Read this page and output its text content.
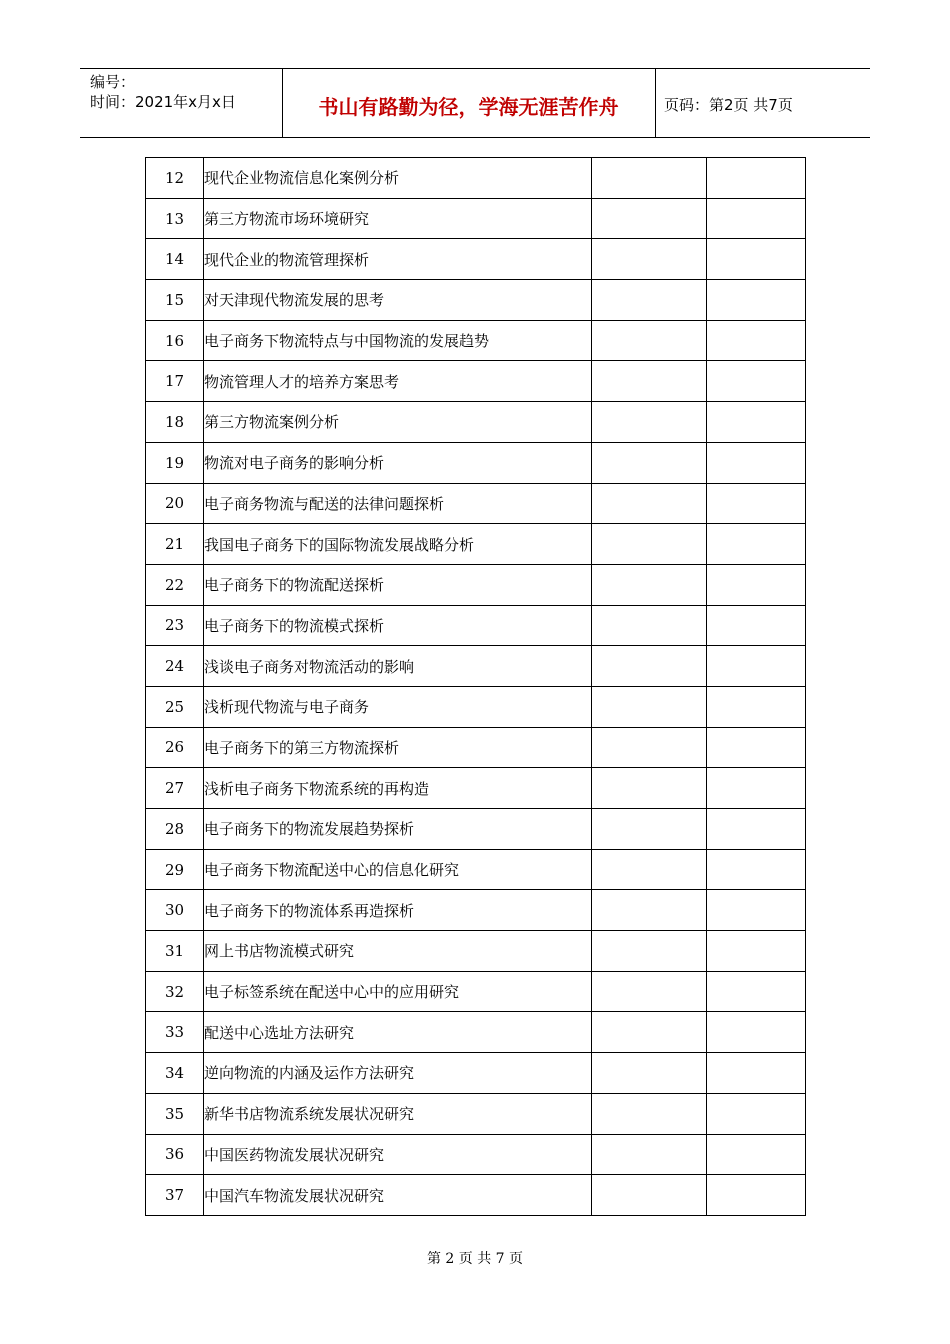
编号：
时间：2021年x月x日	书山有路勤为径，学海无涯苦作舟	页码：第2页 共7页
12	现代企业物流信息化案例分析		
13	第三方物流市场环境研究		
14	现代企业的物流管理探析		
15	对天津现代物流发展的思考		
16	电子商务下物流特点与中国物流的发展趋势		
17	物流管理人才的培养方案思考		
18	第三方物流案例分析		
19	物流对电子商务的影响分析		
20	电子商务物流与配送的法律问题探析		
21	我国电子商务下的国际物流发展战略分析		
22	电子商务下的物流配送探析		
23	电子商务下的物流模式探析		
24	浅谈电子商务对物流活动的影响		
25	浅析现代物流与电子商务		
26	电子商务下的第三方物流探析		
27	浅析电子商务下物流系统的再构造		
28	电子商务下的物流发展趋势探析		
29	电子商务下物流配送中心的信息化研究		
30	电子商务下的物流体系再造探析		
31	网上书店物流模式研究		
32	电子标签系统在配送中心中的应用研究		
33	配送中心选址方法研究		
34	逆向物流的内涵及运作方法研究		
35	新华书店物流系统发展状况研究		
36	中国医药物流发展状况研究		
37	中国汽车物流发展状况研究		
第 2 页 共 7 页
